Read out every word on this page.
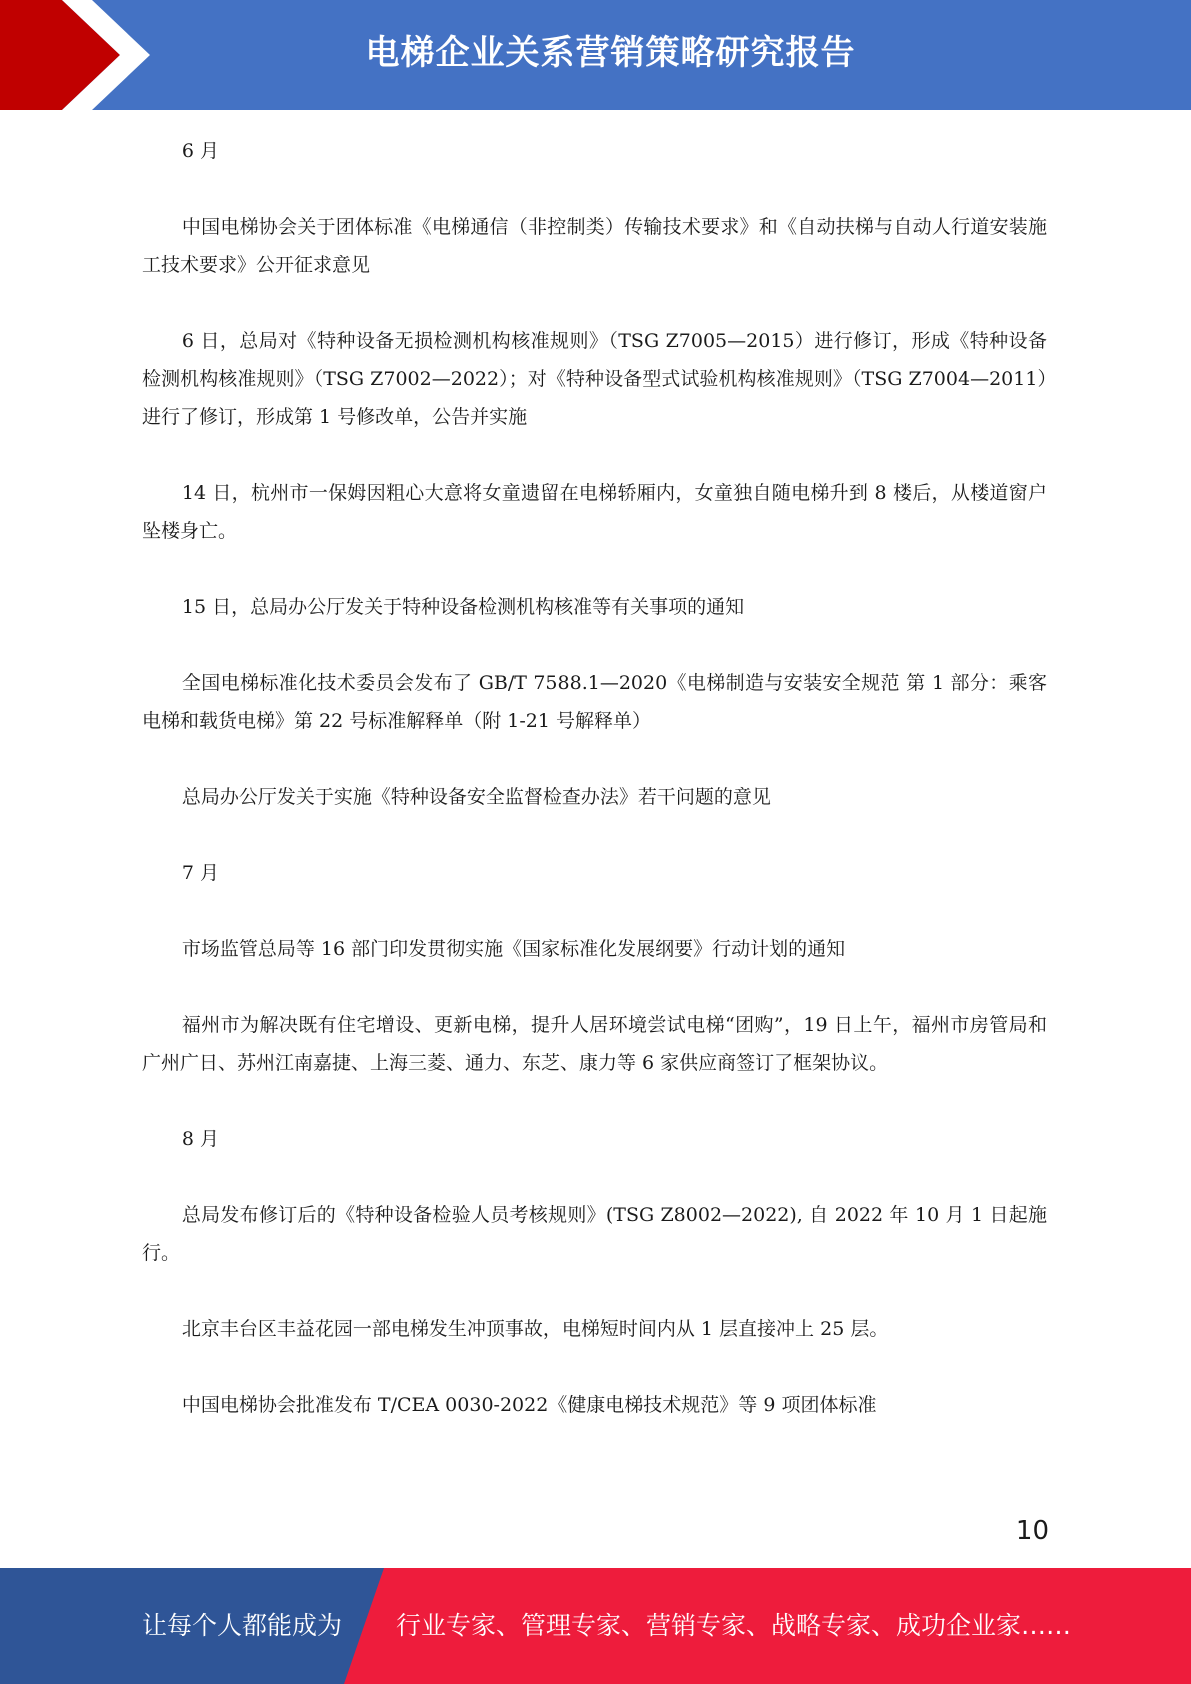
电梯企业关系营销策略研究报告

6 月

中国电梯协会关于团体标准《电梯通信（非控制类）传输技术要求》和《自动扶梯与自动人行道安装施工技术要求》公开征求意见

6 日，总局对《特种设备无损检测机构核准规则》（TSG Z7005—2015）进行修订，形成《特种设备检测机构核准规则》（TSG Z7002—2022）；对《特种设备型式试验机构核准规则》（TSG Z7004—2011）进行了修订，形成第 1 号修改单，公告并实施

14 日，杭州市一保姆因粗心大意将女童遗留在电梯轿厢内，女童独自随电梯升到 8 楼后，从楼道窗户坠楼身亡。

15 日，总局办公厅发关于特种设备检测机构核准等有关事项的通知

全国电梯标准化技术委员会发布了 GB/T 7588.1—2020《电梯制造与安装安全规范 第 1 部分：乘客电梯和载货电梯》第 22 号标准解释单（附 1-21 号解释单）

总局办公厅发关于实施《特种设备安全监督检查办法》若干问题的意见

7 月

市场监管总局等 16 部门印发贯彻实施《国家标准化发展纲要》行动计划的通知

福州市为解决既有住宅增设、更新电梯，提升人居环境尝试电梯“团购”，19 日上午，福州市房管局和广州广日、苏州江南嘉捷、上海三菱、通力、东芝、康力等 6 家供应商签订了框架协议。

8 月

总局发布修订后的《特种设备检验人员考核规则》(TSG Z8002—2022), 自 2022 年 10 月 1 日起施行。

北京丰台区丰益花园一部电梯发生冲顶事故，电梯短时间内从 1 层直接冲上 25 层。

中国电梯协会批准发布 T/CEA 0030-2022《健康电梯技术规范》等 9 项团体标准

10
让每个人都能成为 行业专家、管理专家、营销专家、战略专家、成功企业家……
